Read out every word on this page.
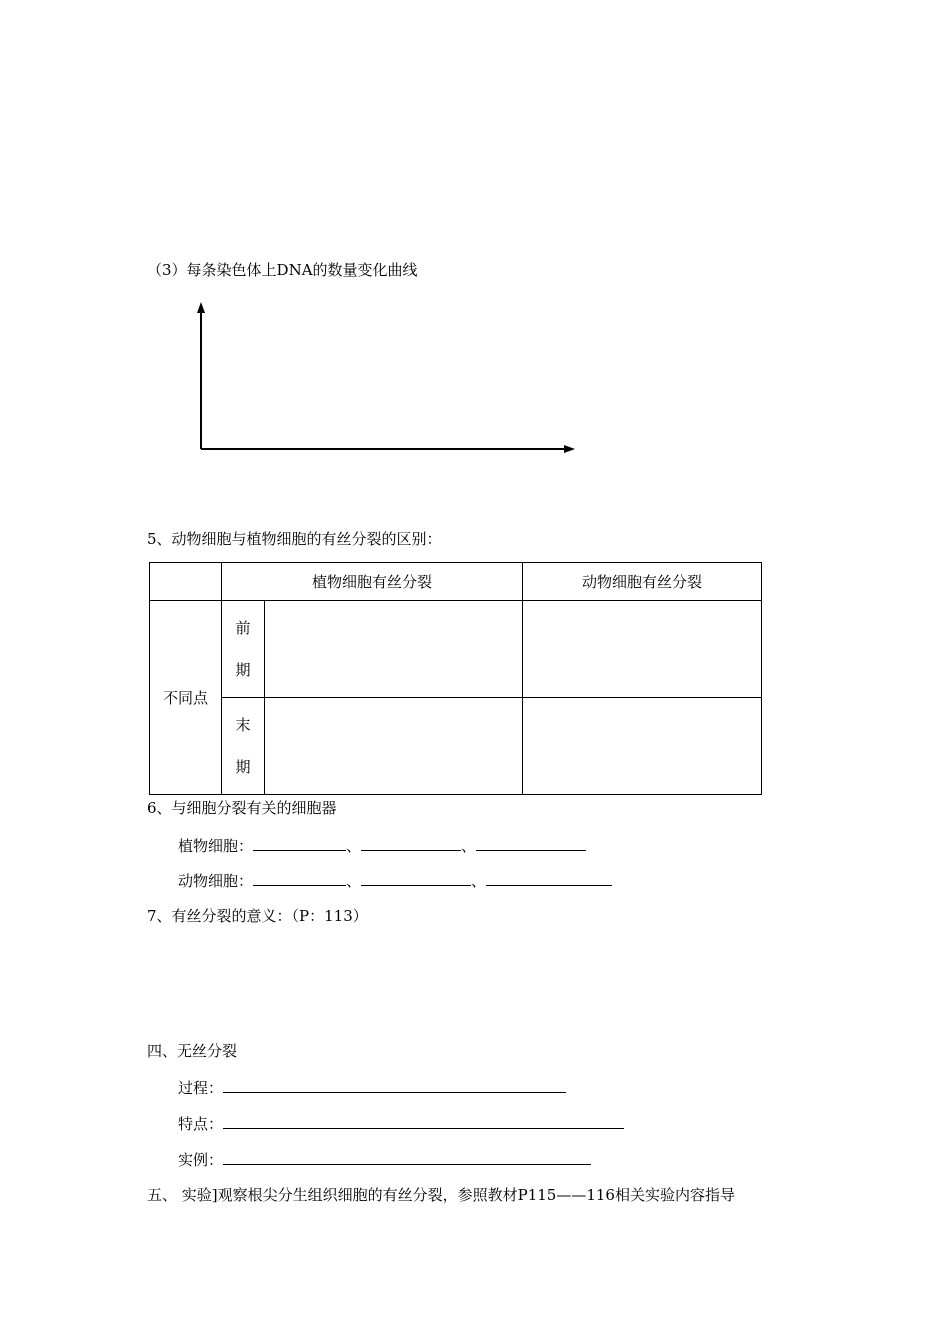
（3）每条染色体上DNA的数量变化曲线
5、动物细胞与植物细胞的有丝分裂的区别：
	植物细胞有丝分裂		动物细胞有丝分裂
不同点	前
期		

	末
期		

6、与细胞分裂有关的细胞器
植物细胞：	、	、
动物细胞：	、	、
7、有丝分裂的意义：（P：113）
四、无丝分裂
过程：
特点：
实例：
五、 实验]观察根尖分生组织细胞的有丝分裂，参照教材P115——116相关实验内容指导
